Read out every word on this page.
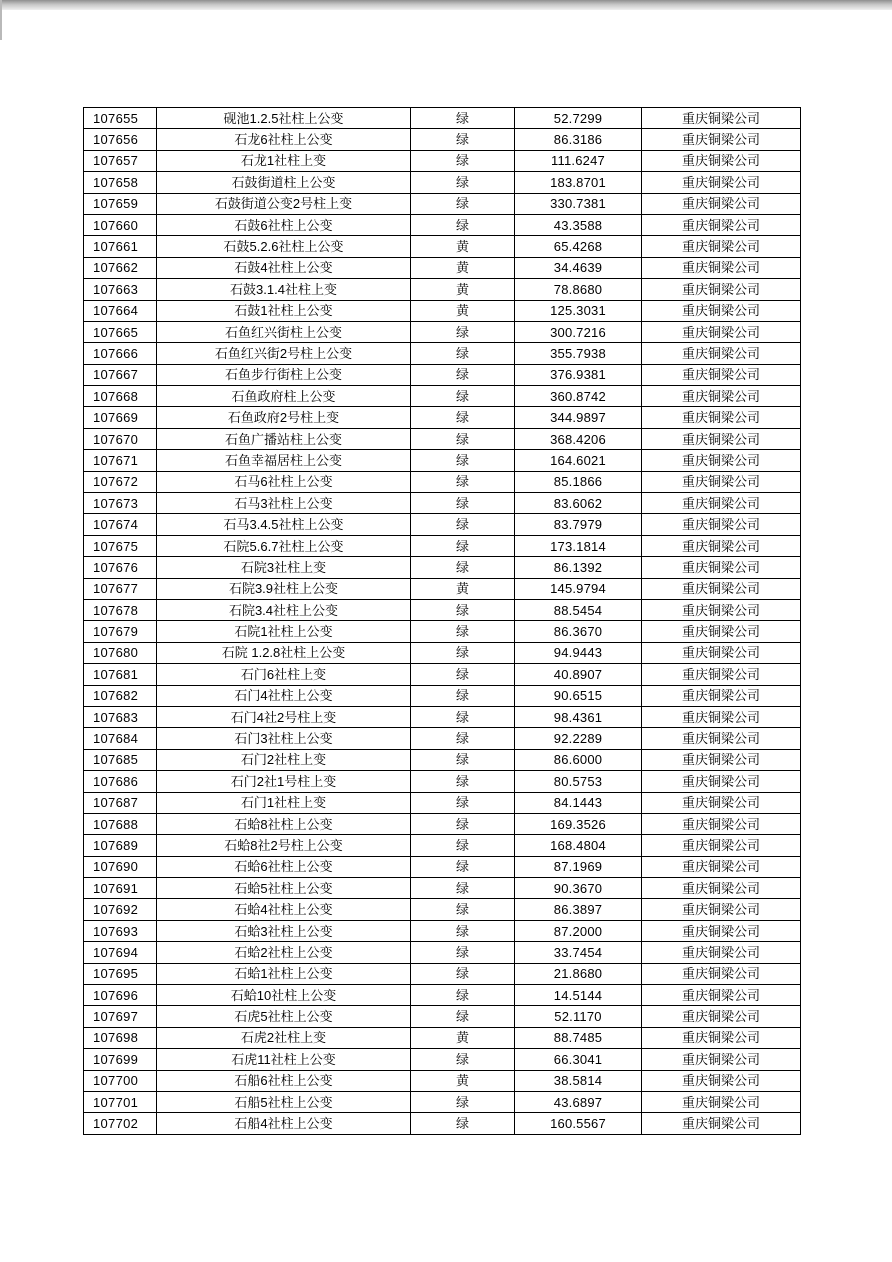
107655	砚池1.2.5社柱上公变	绿	52.7299	重庆铜梁公司
107656	石龙6社柱上公变	绿	86.3186	重庆铜梁公司
107657	石龙1社柱上变	绿	111.6247	重庆铜梁公司
107658	石鼓街道柱上公变	绿	183.8701	重庆铜梁公司
107659	石鼓街道公变2号柱上变	绿	330.7381	重庆铜梁公司
107660	石鼓6社柱上公变	绿	43.3588	重庆铜梁公司
107661	石鼓5.2.6社柱上公变	黄	65.4268	重庆铜梁公司
107662	石鼓4社柱上公变	黄	34.4639	重庆铜梁公司
107663	石鼓3.1.4社柱上变	黄	78.8680	重庆铜梁公司
107664	石鼓1社柱上公变	黄	125.3031	重庆铜梁公司
107665	石鱼红兴街柱上公变	绿	300.7216	重庆铜梁公司
107666	石鱼红兴街2号柱上公变	绿	355.7938	重庆铜梁公司
107667	石鱼步行街柱上公变	绿	376.9381	重庆铜梁公司
107668	石鱼政府柱上公变	绿	360.8742	重庆铜梁公司
107669	石鱼政府2号柱上变	绿	344.9897	重庆铜梁公司
107670	石鱼广播站柱上公变	绿	368.4206	重庆铜梁公司
107671	石鱼幸福居柱上公变	绿	164.6021	重庆铜梁公司
107672	石马6社柱上公变	绿	85.1866	重庆铜梁公司
107673	石马3社柱上公变	绿	83.6062	重庆铜梁公司
107674	石马3.4.5社柱上公变	绿	83.7979	重庆铜梁公司
107675	石院5.6.7社柱上公变	绿	173.1814	重庆铜梁公司
107676	石院3社柱上变	绿	86.1392	重庆铜梁公司
107677	石院3.9社柱上公变	黄	145.9794	重庆铜梁公司
107678	石院3.4社柱上公变	绿	88.5454	重庆铜梁公司
107679	石院1社柱上公变	绿	86.3670	重庆铜梁公司
107680	石院 1.2.8社柱上公变	绿	94.9443	重庆铜梁公司
107681	石门6社柱上变	绿	40.8907	重庆铜梁公司
107682	石门4社柱上公变	绿	90.6515	重庆铜梁公司
107683	石门4社2号柱上变	绿	98.4361	重庆铜梁公司
107684	石门3社柱上公变	绿	92.2289	重庆铜梁公司
107685	石门2社柱上变	绿	86.6000	重庆铜梁公司
107686	石门2社1号柱上变	绿	80.5753	重庆铜梁公司
107687	石门1社柱上变	绿	84.1443	重庆铜梁公司
107688	石蛤8社柱上公变	绿	169.3526	重庆铜梁公司
107689	石蛤8社2号柱上公变	绿	168.4804	重庆铜梁公司
107690	石蛤6社柱上公变	绿	87.1969	重庆铜梁公司
107691	石蛤5社柱上公变	绿	90.3670	重庆铜梁公司
107692	石蛤4社柱上公变	绿	86.3897	重庆铜梁公司
107693	石蛤3社柱上公变	绿	87.2000	重庆铜梁公司
107694	石蛤2社柱上公变	绿	33.7454	重庆铜梁公司
107695	石蛤1社柱上公变	绿	21.8680	重庆铜梁公司
107696	石蛤10社柱上公变	绿	14.5144	重庆铜梁公司
107697	石虎5社柱上公变	绿	52.1170	重庆铜梁公司
107698	石虎2社柱上变	黄	88.7485	重庆铜梁公司
107699	石虎11社柱上公变	绿	66.3041	重庆铜梁公司
107700	石船6社柱上公变	黄	38.5814	重庆铜梁公司
107701	石船5社柱上公变	绿	43.6897	重庆铜梁公司
107702	石船4社柱上公变	绿	160.5567	重庆铜梁公司
